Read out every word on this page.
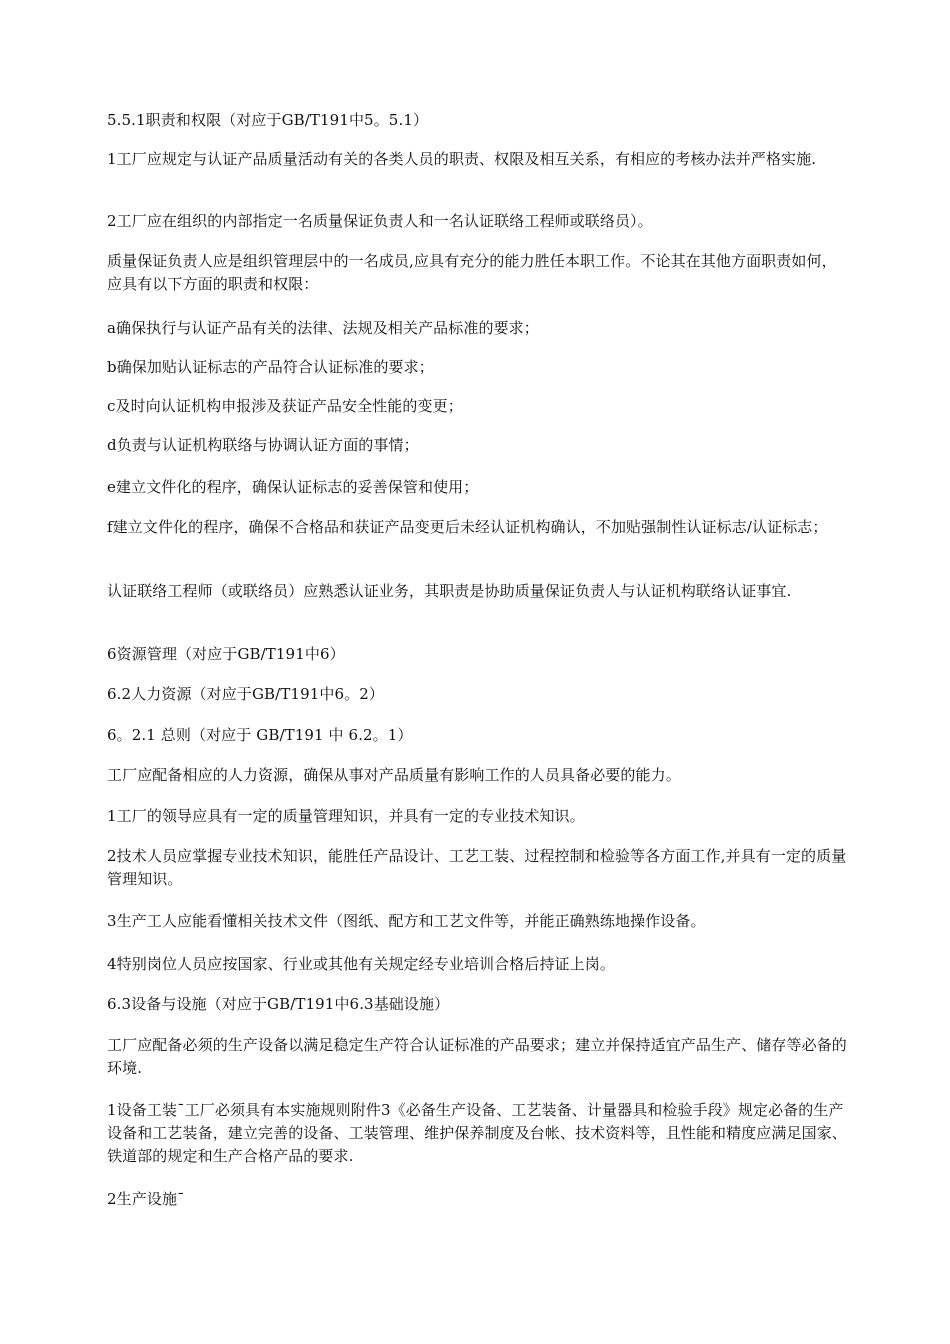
5.5.1职责和权限（对应于GB/T191中5。5.1）

1工厂应规定与认证产品质量活动有关的各类人员的职责、权限及相互关系，有相应的考核办法并严格实施.

2工厂应在组织的内部指定一名质量保证负责人和一名认证联络工程师或联络员）。

质量保证负责人应是组织管理层中的一名成员,应具有充分的能力胜任本职工作。不论其在其他方面职责如何，应具有以下方面的职责和权限：

a确保执行与认证产品有关的法律、法规及相关产品标准的要求；

b确保加贴认证标志的产品符合认证标准的要求；

c及时向认证机构申报涉及获证产品安全性能的变更；

d负责与认证机构联络与协调认证方面的事情；

e建立文件化的程序，确保认证标志的妥善保管和使用；

f建立文件化的程序，确保不合格品和获证产品变更后未经认证机构确认，不加贴强制性认证标志/认证标志；

认证联络工程师（或联络员）应熟悉认证业务，其职责是协助质量保证负责人与认证机构联络认证事宜.

6资源管理（对应于GB/T191中6）

6.2人力资源（对应于GB/T191中6。2）

6。2.1 总则（对应于 GB/T191 中 6.2。1）

工厂应配备相应的人力资源，确保从事对产品质量有影响工作的人员具备必要的能力。

1工厂的领导应具有一定的质量管理知识，并具有一定的专业技术知识。

2技术人员应掌握专业技术知识，能胜任产品设计、工艺工装、过程控制和检验等各方面工作,并具有一定的质量管理知识。

3生产工人应能看懂相关技术文件（图纸、配方和工艺文件等，并能正确熟练地操作设备。

4特别岗位人员应按国家、行业或其他有关规定经专业培训合格后持证上岗。

6.3设备与设施（对应于GB/T191中6.3基础设施）

工厂应配备必须的生产设备以满足稳定生产符合认证标准的产品要求；建立并保持适宜产品生产、储存等必备的环境.

1设备工装ˉ工厂必须具有本实施规则附件3《必备生产设备、工艺装备、计量器具和检验手段》规定必备的生产设备和工艺装备，建立完善的设备、工装管理、维护保养制度及台帐、技术资料等，且性能和精度应满足国家、铁道部的规定和生产合格产品的要求.

2生产设施ˉ
